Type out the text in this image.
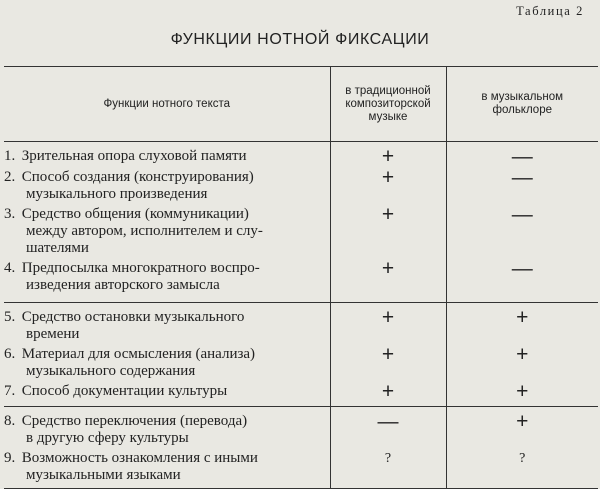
Таблица 2
ФУНКЦИИ НОТНОЙ ФИКСАЦИИ
Функции нотного текста	в традиционной композиторской музыке	в музыкальном фольклоре
1. Зрительная опора слуховой памяти	+	—
2. Способ создания (конструирования)
музыкального произведения	+	—
3. Средство общения (коммуникации)
между автором, исполнителем и слу-
шателями	+	—
4. Предпосылка многократного воспро-
изведения авторского замысла	+	—
5. Средство остановки музыкального
времени	+	+
6. Материал для осмысления (анализа)
музыкального содержания	+	+
7. Способ документации культуры	+	+
8. Средство переключения (перевода)
в другую сферу культуры	—	+
9. Возможность ознакомления с иными
музыкальными языками	?	?
